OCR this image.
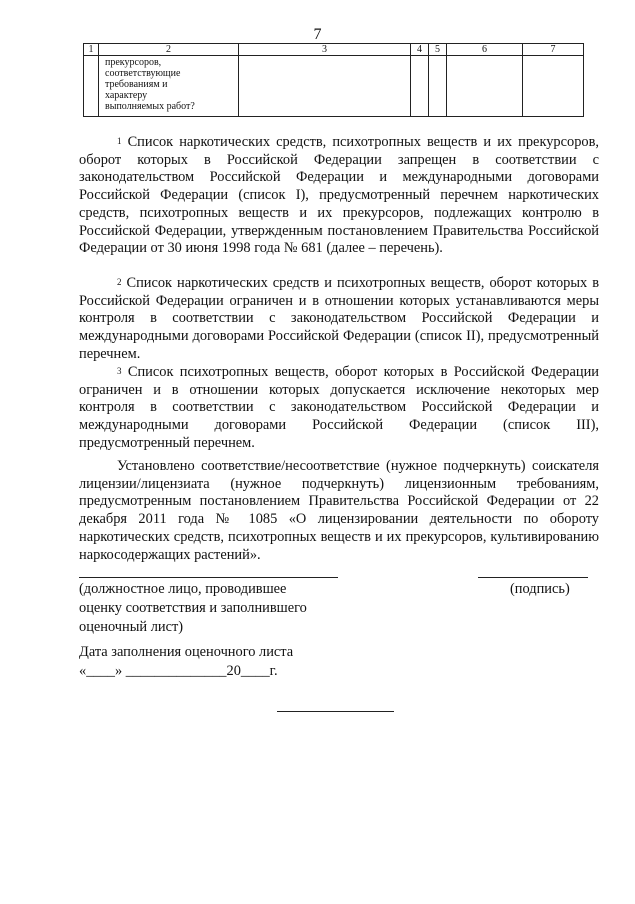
7
1	2	3	4	5	6	7

	прекурсоров,
соответствующие
требованиям и
характеру
выполняемых работ?					

$^1$ Список наркотических средств, психотропных веществ и их прекурсоров, оборот которых в Российской Федерации запрещен в соответствии с законодательством Российской Федерации и международными договорами Российской Федерации (список I), предусмотренный перечнем наркотических средств, психотропных веществ и их прекурсоров, подлежащих контролю в Российской Федерации, утвержденным постановлением Правительства Российской Федерации от 30 июня 1998 года № 681 (далее – перечень).
$^2$ Список наркотических средств и психотропных веществ, оборот которых в Российской Федерации ограничен и в отношении которых устанавливаются меры контроля в соответствии с законодательством Российской Федерации и международными договорами Российской Федерации (список II), предусмотренный перечнем.
$^3$ Список психотропных веществ, оборот которых в Российской Федерации ограничен и в отношении которых допускается исключение некоторых мер контроля в соответствии с законодательством Российской Федерации и международными договорами Российской Федерации (список III), предусмотренный перечнем.
Установлено соответствие/несоответствие (нужное подчеркнуть) соискателя лицензии/лицензиата (нужное подчеркнуть) лицензионным требованиям, предусмотренным постановлением Правительства Российской Федерации от 22 декабря 2011 года № 1085 «О лицензировании деятельности по обороту наркотических средств, психотропных веществ и их прекурсоров, культивированию наркосодержащих растений».
(должностное лицо, проводившее
оценку соответствия и заполнившего
оценочный лист)
(подпись)
Дата заполнения оценочного листа
«____» ______________20____г.
